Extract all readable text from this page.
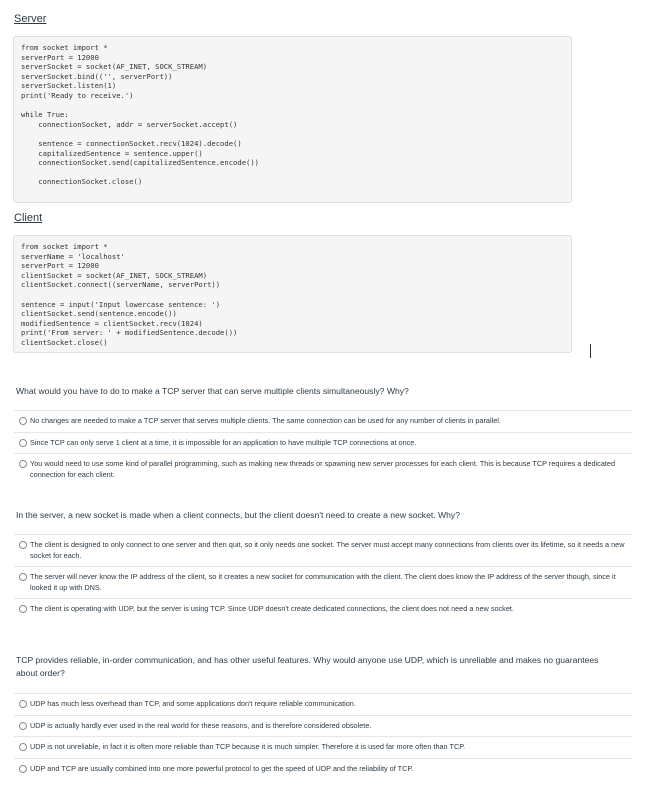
Server
from socket import *
serverPort = 12000
serverSocket = socket(AF_INET, SOCK_STREAM)
serverSocket.bind(('', serverPort))
serverSocket.listen(1)
print('Ready to receive.')

while True:
connectionSocket, addr = serverSocket.accept()

sentence = connectionSocket.recv(1024).decode()
capitalizedSentence = sentence.upper()
connectionSocket.send(capitalizedSentence.encode())

connectionSocket.close()
Client
from socket import *
serverName = 'localhost'
serverPort = 12000
clientSocket = socket(AF_INET, SOCK_STREAM)
clientSocket.connect((serverName, serverPort))

sentence = input('Input lowercase sentence: ')
clientSocket.send(sentence.encode())
modifiedSentence = clientSocket.recv(1024)
print('From server: ' + modifiedSentence.decode())
clientSocket.close()

What would you have to do to make a TCP server that can serve multiple clients simultaneously? Why?

No changes are needed to make a TCP server that serves multiple clients. The same connection can be used for any number of clients in parallel.
Since TCP can only serve 1 client at a time, it is impossible for an application to have multiple TCP connections at once.
You would need to use some kind of parallel programming, such as making new threads or spawning new server processes for each client. This is because TCP requires a dedicated connection for each client.

In the server, a new socket is made when a client connects, but the client doesn't need to create a new socket. Why?

The client is designed to only connect to one server and then quit, so it only needs one socket. The server must accept many connections from clients over its lifetime, so it needs a new socket for each.
The server will never know the IP address of the client, so it creates a new socket for communication with the client. The client does know the IP address of the server though, since it looked it up with DNS.
The client is operating with UDP, but the server is using TCP. Since UDP doesn't create dedicated connections, the client does not need a new socket.

TCP provides reliable, in-order communication, and has other useful features. Why would anyone use UDP, which is unreliable and makes no guarantees about order?

UDP has much less overhead than TCP, and some applications don't require reliable communication.
UDP is actually hardly ever used in the real world for these reasons, and is therefore considered obsolete.
UDP is not unreliable, in fact it is often more reliable than TCP because it is much simpler. Therefore it is used far more often than TCP.
UDP and TCP are usually combined into one more powerful protocol to get the speed of UDP and the reliability of TCP.
